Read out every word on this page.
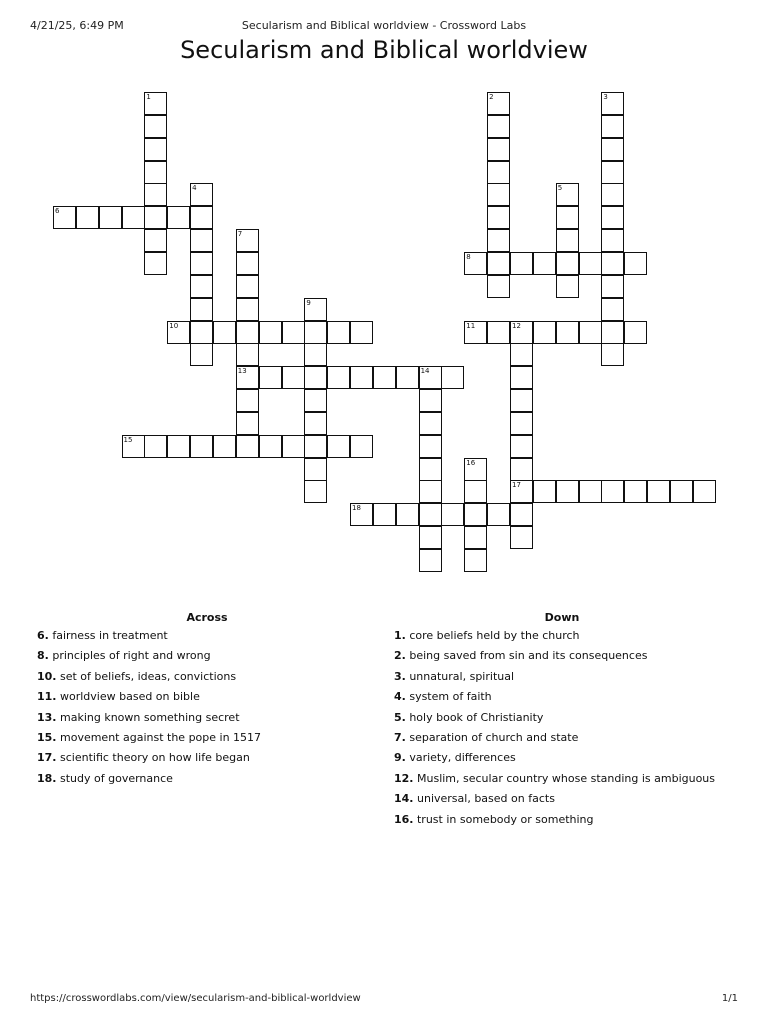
4/21/25, 6:49 PM	Secularism and Biblical worldview - Crossword Labs
Secularism and Biblical worldview
1	2	3
4	5
6
7
8
9
10	11	12
13	14
15
16
17
18
Across
6. fairness in treatment
8. principles of right and wrong
10. set of beliefs, ideas, convictions
11. worldview based on bible
13. making known something secret
15. movement against the pope in 1517
17. scientific theory on how life began
18. study of governance
Down
1. core beliefs held by the church
2. being saved from sin and its consequences
3. unnatural, spiritual
4. system of faith
5. holy book of Christianity
7. separation of church and state
9. variety, differences
12. Muslim, secular country whose standing is ambiguous
14. universal, based on facts
16. trust in somebody or something
https://crosswordlabs.com/view/secularism-and-biblical-worldview	1/1
